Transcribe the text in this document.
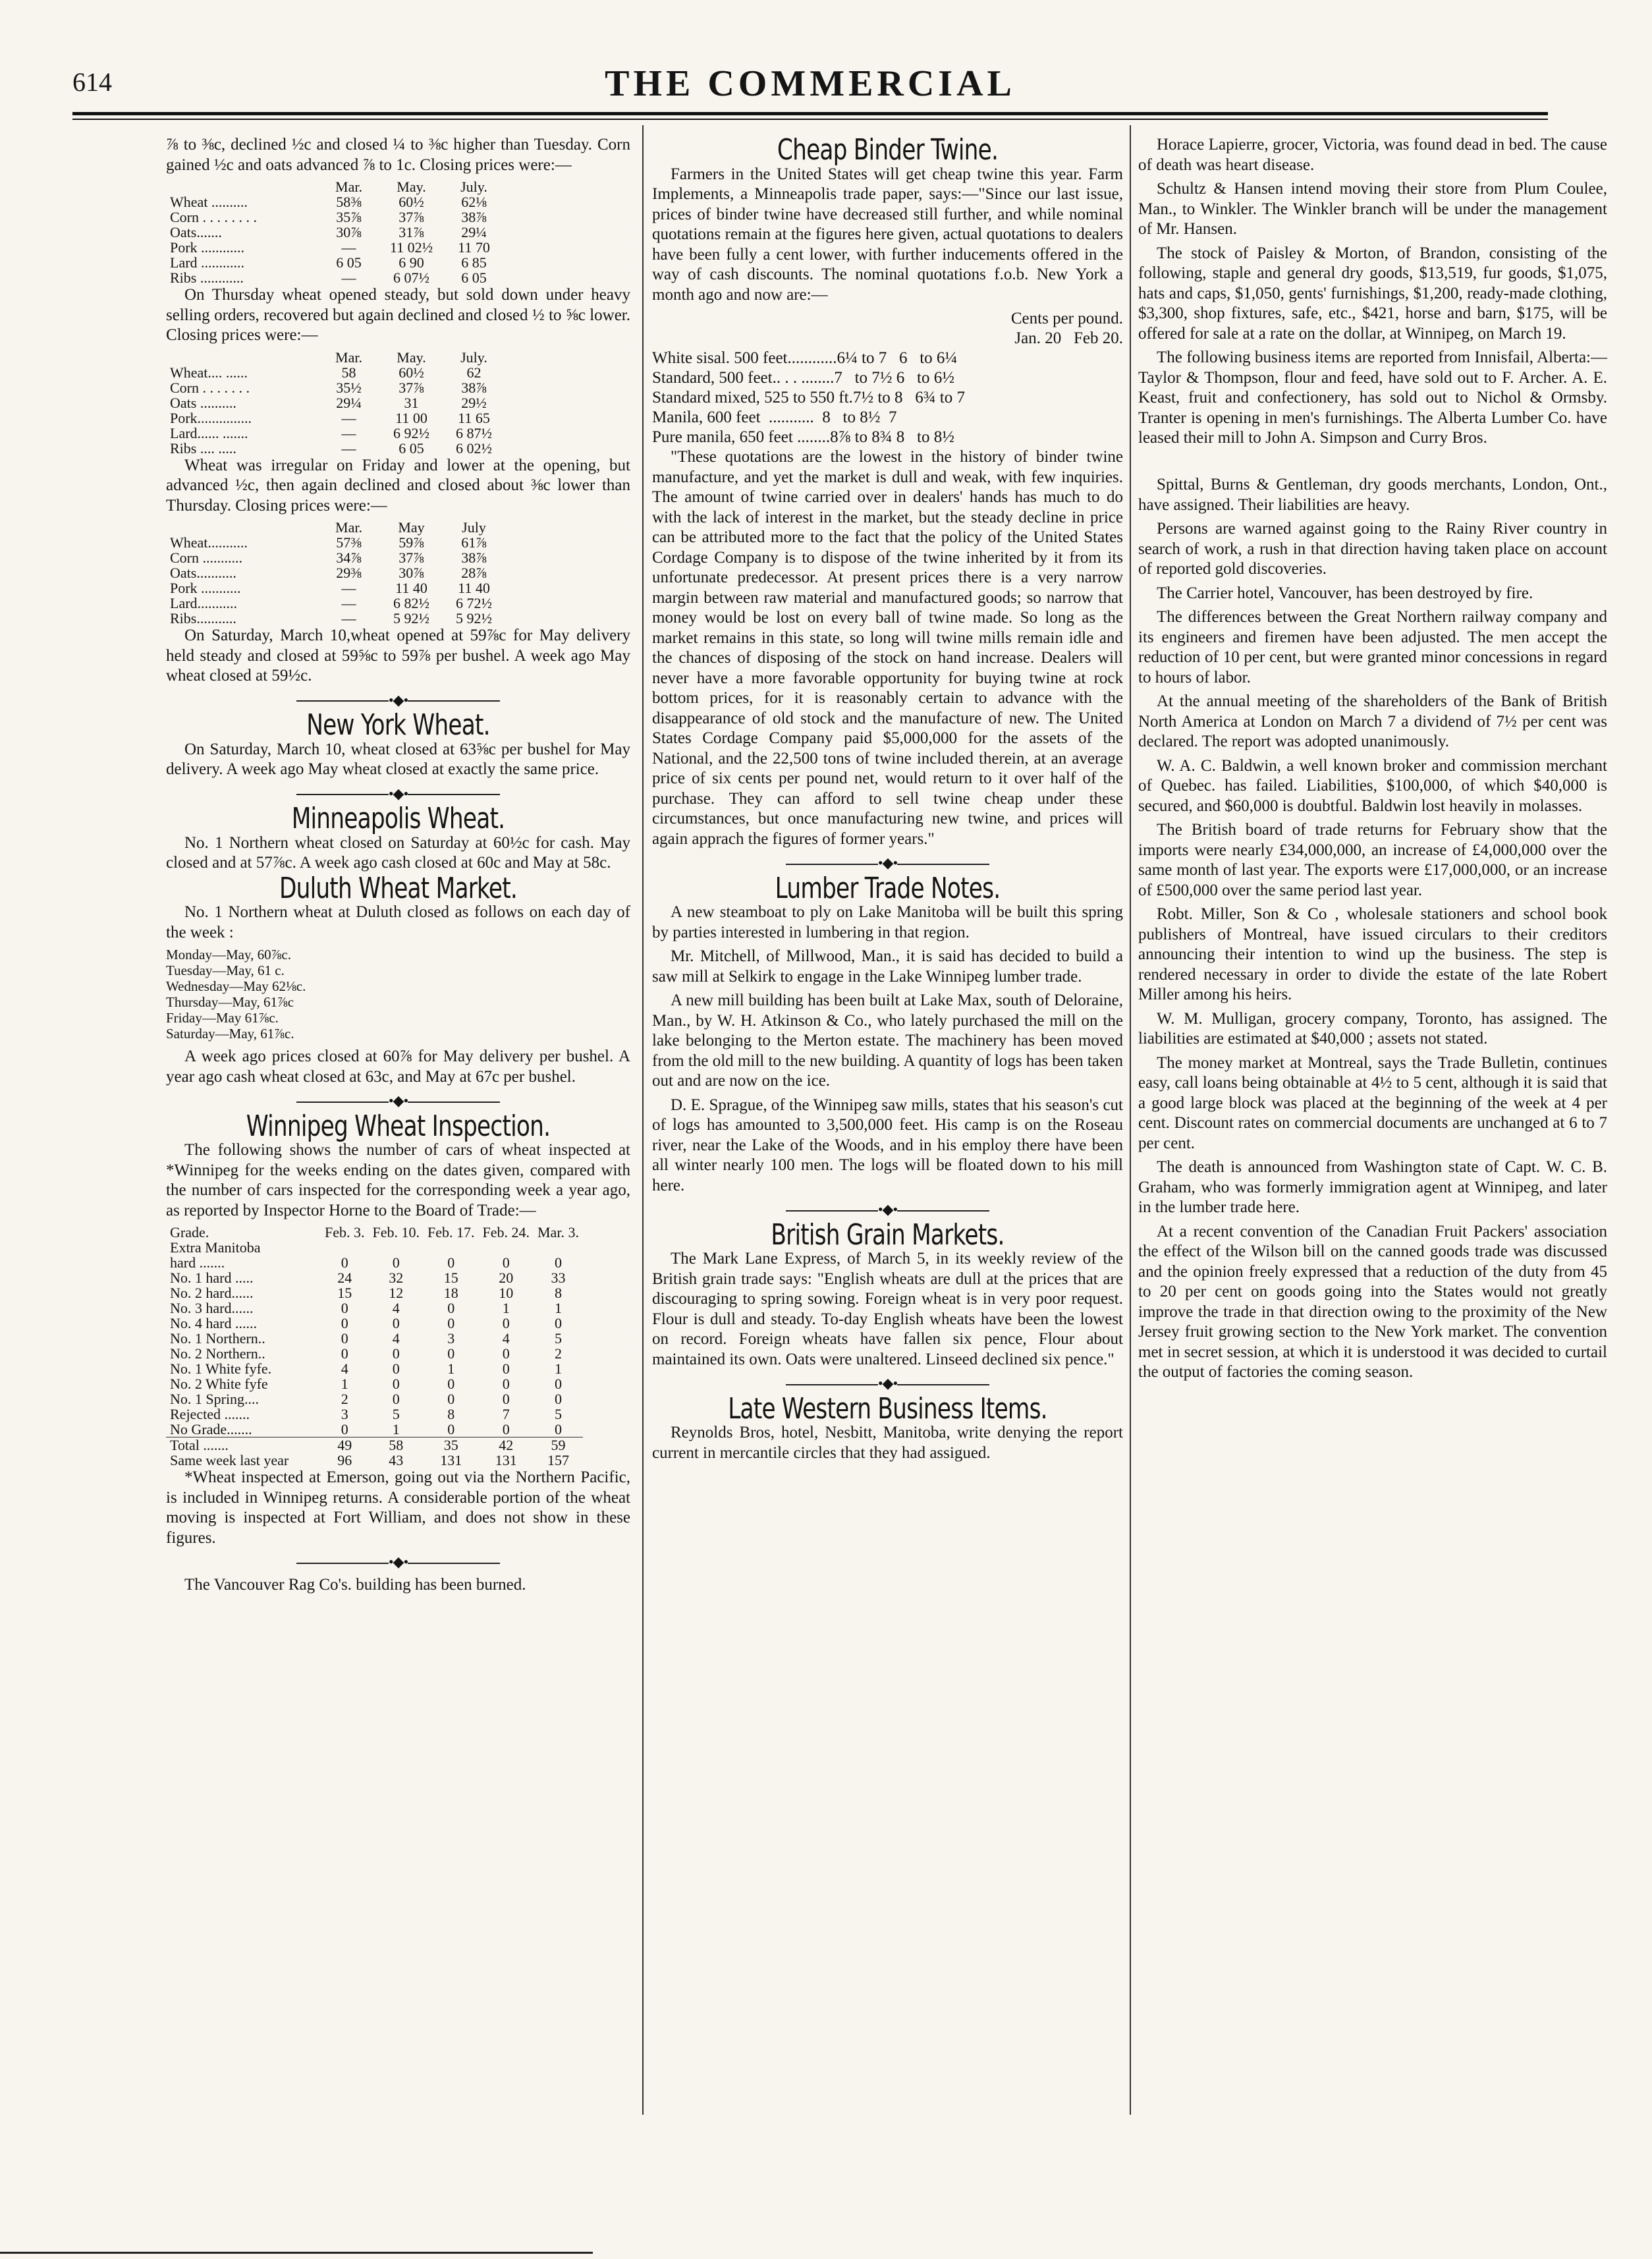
614	THE COMMERCIAL

⅞ to ⅜c, declined ½c and closed ¼ to ⅜c higher than Tuesday. Corn gained ½c and oats advanced ⅞ to 1c. Closing prices were:—

	Mar.	May.	July.
Wheat ..........	58⅜	60½	62⅛
Corn . . . . . . . .	35⅞	37⅞	38⅞
Oats.......	30⅞	31⅞	29¼
Pork ............	—	11 02½	11 70
Lard ............	6 05	6 90	6 85
Ribs ............	—	6 07½	6 05

On Thursday wheat opened steady, but sold down under heavy selling orders, recovered but again declined and closed ½ to ⅝c lower. Closing prices were:—

	Mar.	May.	July.
Wheat.... ......	58	60½	62
Corn . . . . . . .	35½	37⅞	38⅞
Oats ..........	29¼	31	29½
Pork...............	—	11 00	11 65
Lard...... .......	—	6 92½	6 87½
Ribs .... .....	—	6 05	6 02½

Wheat was irregular on Friday and lower at the opening, but advanced ½c, then again declined and closed about ⅜c lower than Thursday. Closing prices were:—

	Mar.	May	July
Wheat...........	57⅜	59⅞	61⅞
Corn ...........	34⅞	37⅞	38⅞
Oats...........	29⅜	30⅞	28⅞
Pork ...........	—	11 40	11 40
Lard...........	—	6 82½	6 72½
Ribs...........	—	5 92½	5 92½

On Saturday, March 10,wheat opened at 59⅞c for May delivery held steady and closed at 59⅝c to 59⅞ per bushel. A week ago May wheat closed at 59½c.

•◆•
New York Wheat.

On Saturday, March 10, wheat closed at 63⅝c per bushel for May delivery. A week ago May wheat closed at exactly the same price.

•◆•
Minneapolis Wheat.

No. 1 Northern wheat closed on Saturday at 60½c for cash. May closed and at 57⅞c. A week ago cash closed at 60c and May at 58c.

Duluth Wheat Market.

No. 1 Northern wheat at Duluth closed as follows on each day of the week :

Monday—May, 60⅞c.
Tuesday—May, 61 c.
Wednesday—May 62⅛c.
Thursday—May, 61⅞c
Friday—May 61⅞c.
Saturday—May, 61⅞c.

A week ago prices closed at 60⅞ for May delivery per bushel. A year ago cash wheat closed at 63c, and May at 67c per bushel.

•◆•
Winnipeg Wheat Inspection.

The following shows the number of cars of wheat inspected at *Winnipeg for the weeks ending on the dates given, compared with the number of cars inspected for the corresponding week a year ago, as reported by Inspector Horne to the Board of Trade:—

Grade.	Feb. 3.	Feb. 10.	Feb. 17.	Feb. 24.	Mar. 3.
Extra Manitoba					
hard .......	0	0	0	0	0
No. 1 hard .....	24	32	15	20	33
No. 2 hard......	15	12	18	10	8
No. 3 hard......	0	4	0	1	1
No. 4 hard ......	0	0	0	0	0
No. 1 Northern..	0	4	3	4	5
No. 2 Northern..	0	0	0	0	2
No. 1 White fyfe.	4	0	1	0	1
No. 2 White fyfe	1	0	0	0	0
No. 1 Spring....	2	0	0	0	0
Rejected .......	3	5	8	7	5
No Grade.......	0	1	0	0	0
Total .......	49	58	35	42	59
Same week last year	96	43	131	131	157

*Wheat inspected at Emerson, going out via the Northern Pacific, is included in Winnipeg returns. A considerable portion of the wheat moving is inspected at Fort William, and does not show in these figures.

•◆•

The Vancouver Rag Co's. building has been burned.

Cheap Binder Twine.

Farmers in the United States will get cheap twine this year. Farm Implements, a Minneapolis trade paper, says:—"Since our last issue, prices of binder twine have decreased still further, and while nominal quotations remain at the figures here given, actual quotations to dealers have been fully a cent lower, with further inducements offered in the way of cash discounts. The nominal quotations f.o.b. New York a month ago and now are:—

Cents per pound.
Jan. 20   Feb 20.
White sisal. 500 feet............6¼ to 7   6   to 6¼
Standard, 500 feet.. . . ........7   to 7½ 6   to 6½
Standard mixed, 525 to 550 ft.7½ to 8   6¾ to 7
Manila, 600 feet  ...........  8   to 8½  7
Pure manila, 650 feet ........8⅞ to 8¾ 8   to 8½

"These quotations are the lowest in the history of binder twine manufacture, and yet the market is dull and weak, with few inquiries. The amount of twine carried over in dealers' hands has much to do with the lack of interest in the market, but the steady decline in price can be attributed more to the fact that the policy of the United States Cordage Company is to dispose of the twine inherited by it from its unfortunate predecessor. At present prices there is a very narrow margin between raw material and manufactured goods; so narrow that money would be lost on every ball of twine made. So long as the market remains in this state, so long will twine mills remain idle and the chances of disposing of the stock on hand increase. Dealers will never have a more favorable opportunity for buying twine at rock bottom prices, for it is reasonably certain to advance with the disappearance of old stock and the manufacture of new. The United States Cordage Company paid $5,000,000 for the assets of the National, and the 22,500 tons of twine included therein, at an average price of six cents per pound net, would return to it over half of the purchase. They can afford to sell twine cheap under these circumstances, but once manufacturing new twine, and prices will again apprach the figures of former years."

•◆•
Lumber Trade Notes.

A new steamboat to ply on Lake Manitoba will be built this spring by parties interested in lumbering in that region.

Mr. Mitchell, of Millwood, Man., it is said has decided to build a saw mill at Selkirk to engage in the Lake Winnipeg lumber trade.

A new mill building has been built at Lake Max, south of Deloraine, Man., by W. H. Atkinson & Co., who lately purchased the mill on the lake belonging to the Merton estate. The machinery has been moved from the old mill to the new building. A quantity of logs has been taken out and are now on the ice.

D. E. Sprague, of the Winnipeg saw mills, states that his season's cut of logs has amounted to 3,500,000 feet. His camp is on the Roseau river, near the Lake of the Woods, and in his employ there have been all winter nearly 100 men. The logs will be floated down to his mill here.

•◆•
British Grain Markets.

The Mark Lane Express, of March 5, in its weekly review of the British grain trade says: "English wheats are dull at the prices that are discouraging to spring sowing. Foreign wheat is in very poor request. Flour is dull and steady. To-day English wheats have been the lowest on record. Foreign wheats have fallen six pence, Flour about maintained its own. Oats were unaltered. Linseed declined six pence."

•◆•
Late Western Business Items.

Reynolds Bros, hotel, Nesbitt, Manitoba, write denying the report current in mercantile circles that they had assigued.

Horace Lapierre, grocer, Victoria, was found dead in bed. The cause of death was heart disease.

Schultz & Hansen intend moving their store from Plum Coulee, Man., to Winkler. The Winkler branch will be under the management of Mr. Hansen.

The stock of Paisley & Morton, of Brandon, consisting of the following, staple and general dry goods, $13,519, fur goods, $1,075, hats and caps, $1,050, gents' furnishings, $1,200, ready-made clothing, $3,300, shop fixtures, safe, etc., $421, horse and barn, $175, will be offered for sale at a rate on the dollar, at Winnipeg, on March 19.

The following business items are reported from Innisfail, Alberta:—Taylor & Thompson, flour and feed, have sold out to F. Archer. A. E. Keast, fruit and confectionery, has sold out to Nichol & Ormsby. Tranter is opening in men's furnishings. The Alberta Lumber Co. have leased their mill to John A. Simpson and Curry Bros.

Spittal, Burns & Gentleman, dry goods merchants, London, Ont., have assigned. Their liabilities are heavy.

Persons are warned against going to the Rainy River country in search of work, a rush in that direction having taken place on account of reported gold discoveries.

The Carrier hotel, Vancouver, has been destroyed by fire.

The differences between the Great Northern railway company and its engineers and firemen have been adjusted. The men accept the reduction of 10 per cent, but were granted minor concessions in regard to hours of labor.

At the annual meeting of the shareholders of the Bank of British North America at London on March 7 a dividend of 7½ per cent was declared. The report was adopted unanimously.

W. A. C. Baldwin, a well known broker and commission merchant of Quebec. has failed. Liabilities, $100,000, of which $40,000 is secured, and $60,000 is doubtful. Baldwin lost heavily in molasses.

The British board of trade returns for February show that the imports were nearly £34,000,000, an increase of £4,000,000 over the same month of last year. The exports were £17,000,000, or an increase of £500,000 over the same period last year.

Robt. Miller, Son & Co , wholesale stationers and school book publishers of Montreal, have issued circulars to their creditors announcing their intention to wind up the business. The step is rendered necessary in order to divide the estate of the late Robert Miller among his heirs.

W. M. Mulligan, grocery company, Toronto, has assigned. The liabilities are estimated at $40,000 ; assets not stated.

The money market at Montreal, says the Trade Bulletin, continues easy, call loans being obtainable at 4½ to 5 cent, although it is said that a good large block was placed at the beginning of the week at 4 per cent. Discount rates on commercial documents are unchanged at 6 to 7 per cent.

The death is announced from Washington state of Capt. W. C. B. Graham, who was formerly immigration agent at Winnipeg, and later in the lumber trade here.

At a recent convention of the Canadian Fruit Packers' association the effect of the Wilson bill on the canned goods trade was discussed and the opinion freely expressed that a reduction of the duty from 45 to 20 per cent on goods going into the States would not greatly improve the trade in that direction owing to the proximity of the New Jersey fruit growing section to the New York market. The convention met in secret session, at which it is understood it was decided to curtail the output of factories the coming season.
